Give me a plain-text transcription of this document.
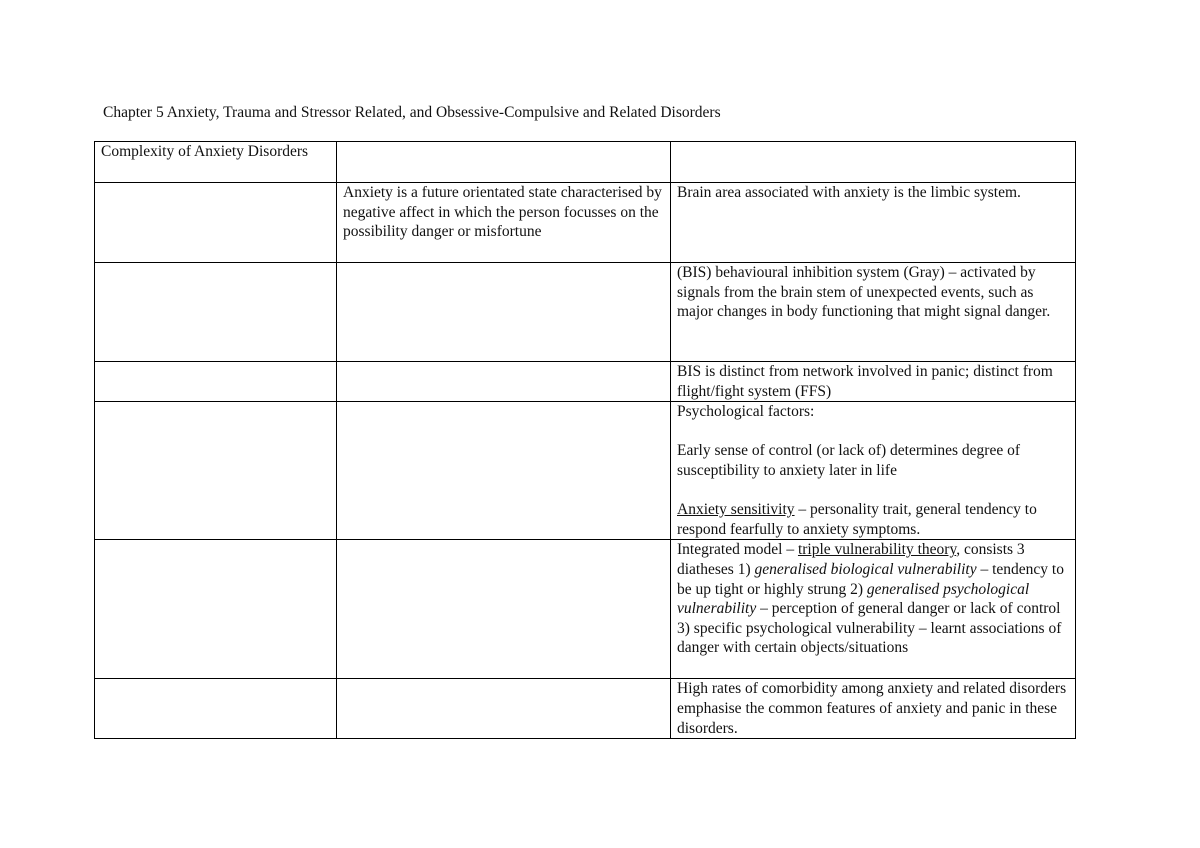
Chapter 5 Anxiety, Trauma and Stressor Related, and Obsessive-Compulsive and Related Disorders
Complexity of Anxiety Disorders		
	Anxiety is a future orientated state characterised by negative affect in which the person focusses on the possibility danger or misfortune	Brain area associated with anxiety is the limbic system.
		(BIS) behavioural inhibition system (Gray) – activated by signals from the brain stem of unexpected events, such as major changes in body functioning that might signal danger.
		BIS is distinct from network involved in panic; distinct from flight/fight system (FFS)

		Psychological factors:
Early sense of control (or lack of) determines degree of susceptibility to anxiety later in life
Anxiety sensitivity – personality trait, general tendency to respond fearfully to anxiety symptoms.

		Integrated model – triple vulnerability theory, consists 3 diatheses 1) generalised biological vulnerability – tendency to be up tight or highly strung 2) generalised psychological vulnerability – perception of general danger or lack of control 3) specific psychological vulnerability – learnt associations of danger with certain objects/situations
		High rates of comorbidity among anxiety and related disorders emphasise the common features of anxiety and panic in these disorders.
